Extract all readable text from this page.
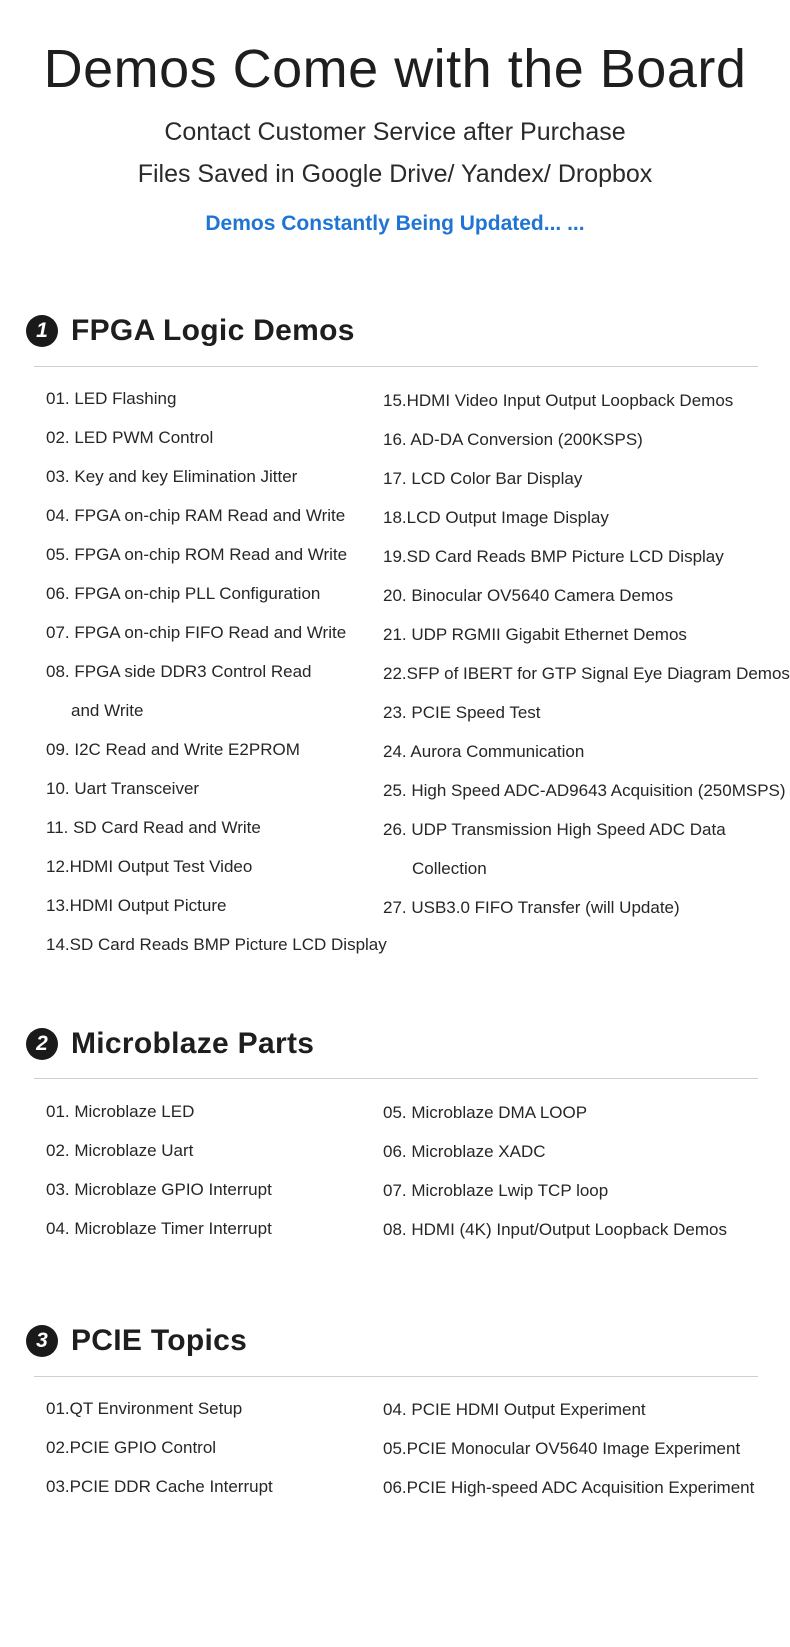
Demos Come with the Board

Contact Customer Service after Purchase

Files Saved in Google Drive/ Yandex/ Dropbox

Demos Constantly Being Updated... ...

1 FPGA Logic Demos
01. LED Flashing
02. LED PWM Control
03. Key and key Elimination Jitter
04. FPGA on-chip RAM Read and Write
05. FPGA on-chip ROM Read and Write
06. FPGA on-chip PLL Configuration
07. FPGA on-chip FIFO Read and Write
08. FPGA side DDR3 Control Read
and Write
09. I2C Read and Write E2PROM
10. Uart Transceiver
11. SD Card Read and Write
12.HDMI Output Test Video
13.HDMI Output Picture
14.SD Card Reads BMP Picture LCD Display
15.HDMI Video Input Output Loopback Demos
16. AD-DA Conversion (200KSPS)
17. LCD Color Bar Display
18.LCD Output Image Display
19.SD Card Reads BMP Picture LCD Display
20. Binocular OV5640 Camera Demos
21. UDP RGMII Gigabit Ethernet Demos
22.SFP of IBERT for GTP Signal Eye Diagram Demos
23. PCIE Speed Test
24. Aurora Communication
25. High Speed ADC-AD9643 Acquisition (250MSPS)
26. UDP Transmission High Speed ADC Data
Collection
27. USB3.0 FIFO Transfer (will Update)
2 Microblaze Parts
01. Microblaze LED
02. Microblaze Uart
03. Microblaze GPIO Interrupt
04. Microblaze Timer Interrupt
05. Microblaze DMA LOOP
06. Microblaze XADC
07. Microblaze Lwip TCP loop
08. HDMI (4K) Input/Output Loopback Demos
3 PCIE Topics
01.QT Environment Setup
02.PCIE GPIO Control
03.PCIE DDR Cache Interrupt
04. PCIE HDMI Output Experiment
05.PCIE Monocular OV5640 Image Experiment
06.PCIE High-speed ADC Acquisition Experiment
